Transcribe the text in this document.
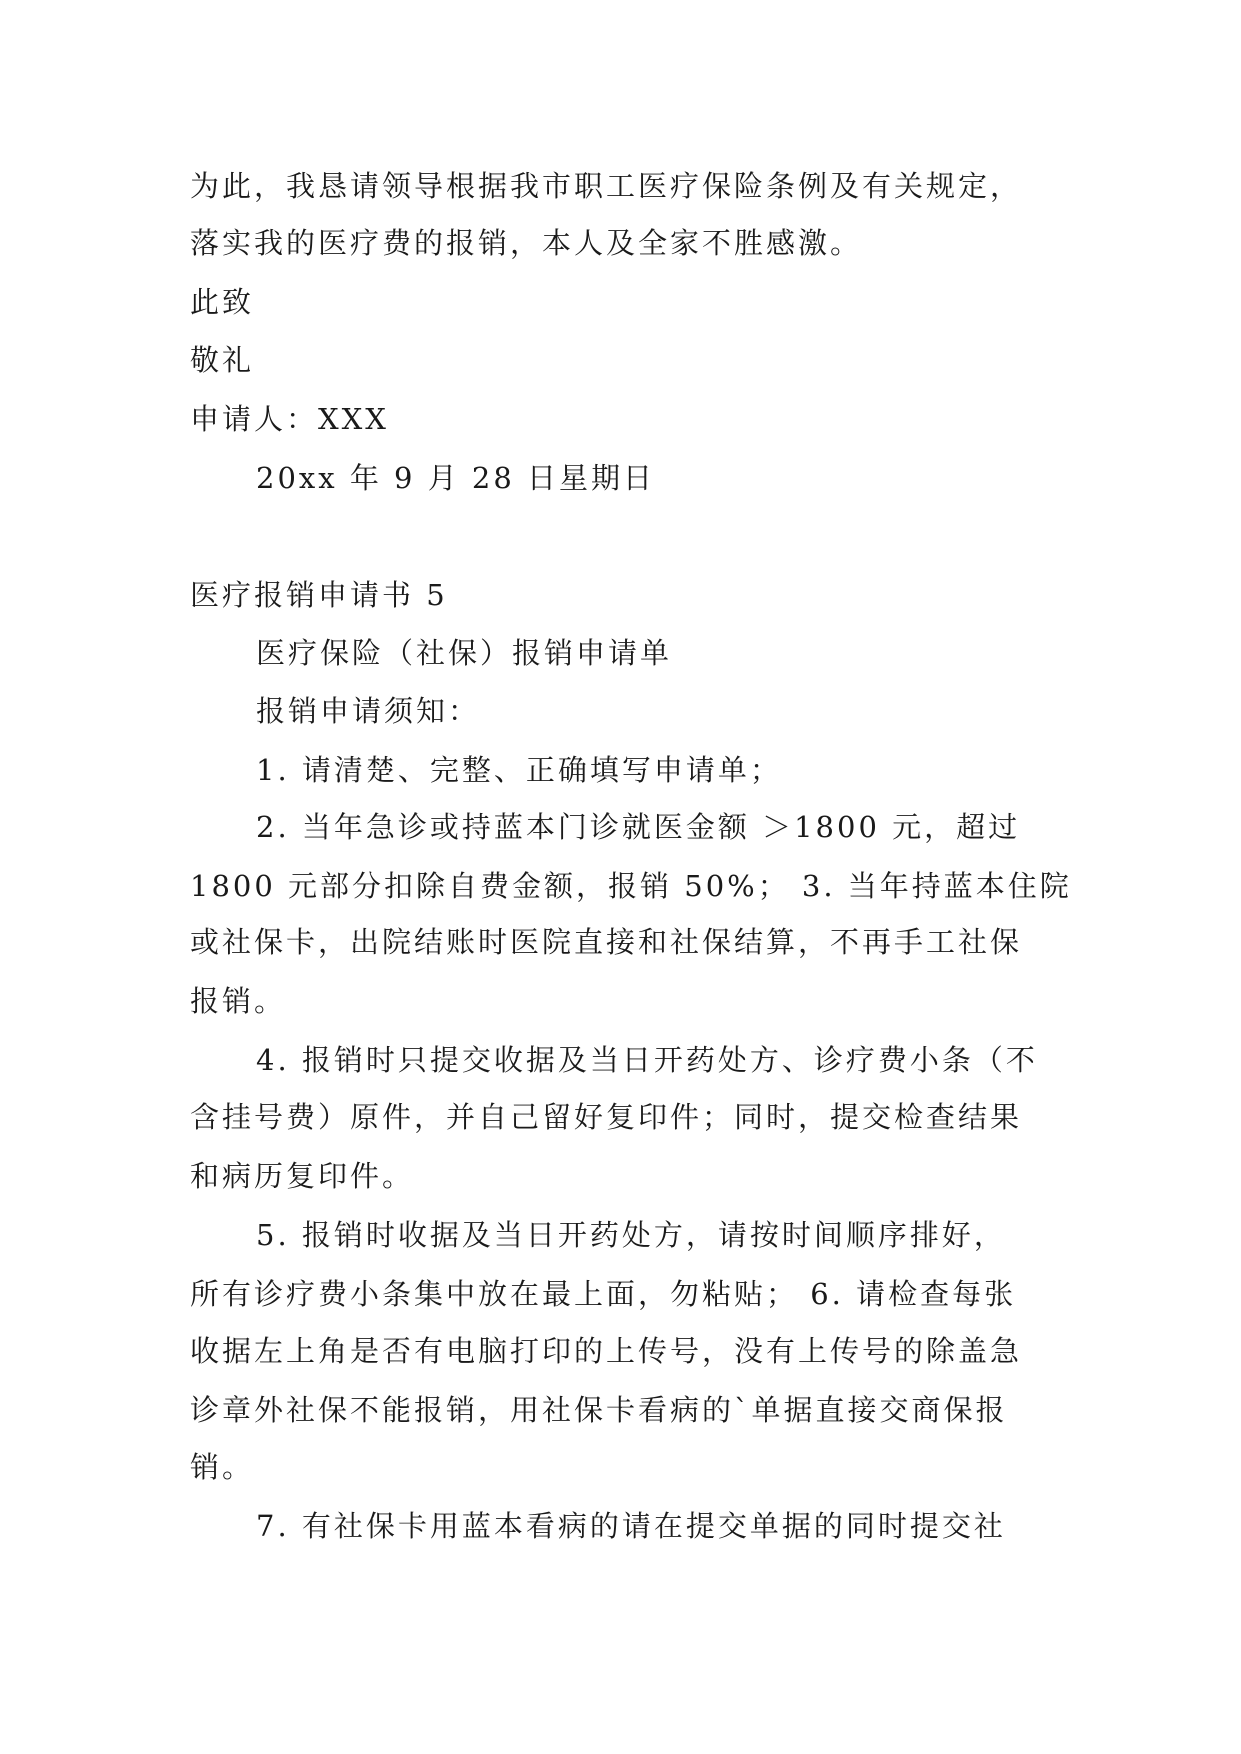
为此，我恳请领导根据我市职工医疗保险条例及有关规定，
落实我的医疗费的报销，本人及全家不胜感激。
此致
敬礼
申请人：XXX
20xx 年 9 月 28 日星期日
医疗报销申请书 5
医疗保险（社保）报销申请单
报销申请须知：
1. 请清楚、完整、正确填写申请单；
2. 当年急诊或持蓝本门诊就医金额 ＞1800 元，超过
1800 元部分扣除自费金额，报销 50%； 3. 当年持蓝本住院
或社保卡，出院结账时医院直接和社保结算，不再手工社保
报销。
4. 报销时只提交收据及当日开药处方、诊疗费小条（不
含挂号费）原件，并自己留好复印件；同时，提交检查结果
和病历复印件。
5. 报销时收据及当日开药处方，请按时间顺序排好，
所有诊疗费小条集中放在最上面，勿粘贴； 6. 请检查每张
收据左上角是否有电脑打印的上传号，没有上传号的除盖急
诊章外社保不能报销，用社保卡看病的`单据直接交商保报
销。
7. 有社保卡用蓝本看病的请在提交单据的同时提交社
